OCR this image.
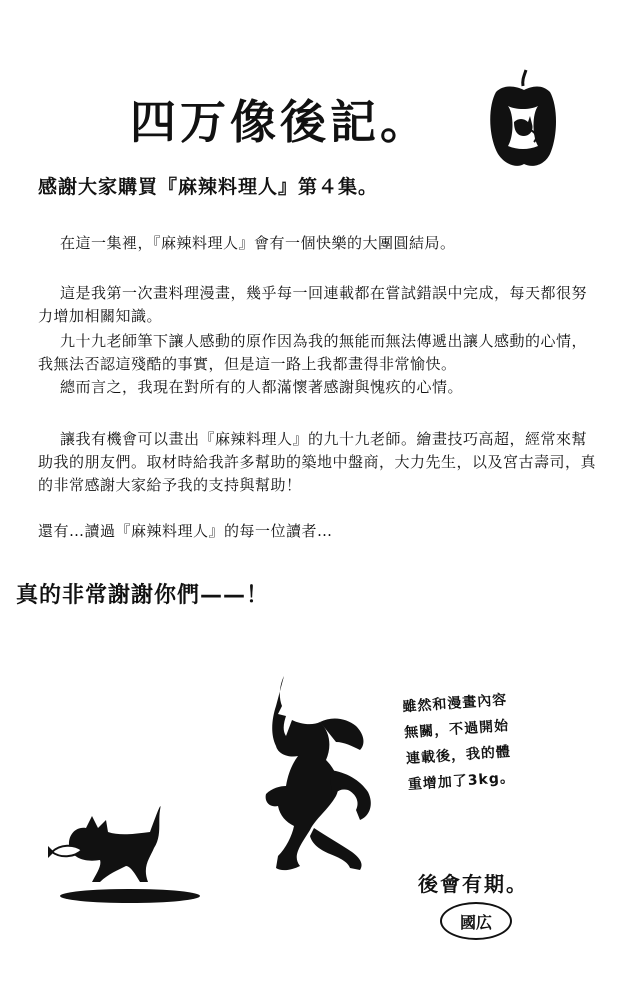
四万像後記。
感謝大家購買『麻辣料理人』第４集。

在這一集裡，『麻辣料理人』會有一個快樂的大團圓結局。

這是我第一次畫料理漫畫，幾乎每一回連載都在嘗試錯誤中完成，每天都很努力增加相關知識。

九十九老師筆下讓人感動的原作因為我的無能而無法傳遞出讓人感動的心情，我無法否認這殘酷的事實，但是這一路上我都畫得非常愉快。

總而言之，我現在對所有的人都滿懷著感謝與愧疚的心情。

讓我有機會可以畫出『麻辣料理人』的九十九老師。繪畫技巧高超，經常來幫助我的朋友們。取材時給我許多幫助的築地中盤商，大力先生，以及宮古壽司，真的非常感謝大家給予我的支持與幫助！

還有…讀過『麻辣料理人』的每一位讀者…

真的非常謝謝你們——！

雖然和漫畫內容

無關，不過開始

連載後，我的體

重增加了3kg。

後會有期。
國広
